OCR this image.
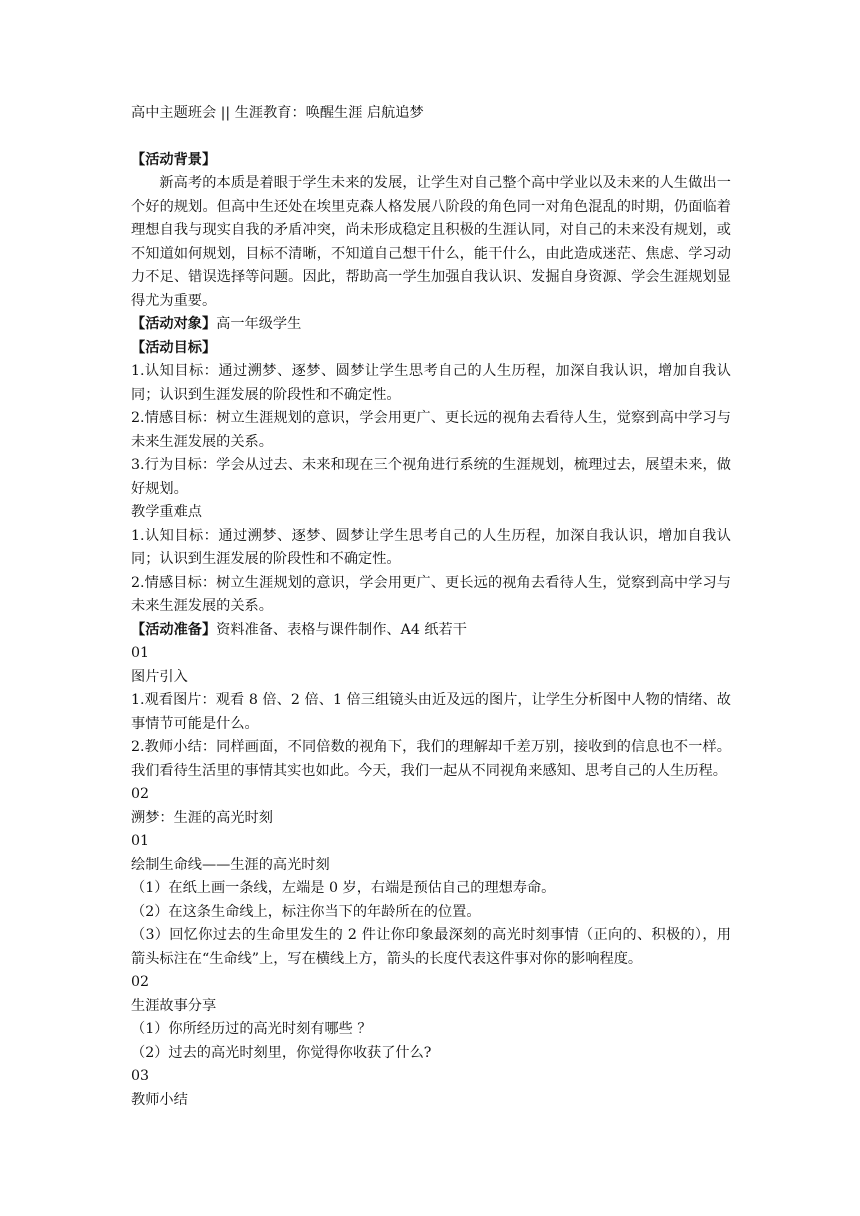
高中主题班会 || 生涯教育：唤醒生涯 启航追梦
【活动背景】

新高考的本质是着眼于学生未来的发展，让学生对自己整个高中学业以及未来的人生做出一个好的规划。但高中生还处在埃里克森人格发展八阶段的角色同一对角色混乱的时期，仍面临着理想自我与现实自我的矛盾冲突，尚未形成稳定且积极的生涯认同，对自己的未来没有规划，或不知道如何规划，目标不清晰，不知道自己想干什么，能干什么，由此造成迷茫、焦虑、学习动力不足、错误选择等问题。因此，帮助高一学生加强自我认识、发掘自身资源、学会生涯规划显得尤为重要。

【活动对象】高一年级学生
【活动目标】

1.认知目标：通过溯梦、逐梦、圆梦让学生思考自己的人生历程，加深自我认识，增加自我认同；认识到生涯发展的阶段性和不确定性。

2.情感目标：树立生涯规划的意识，学会用更广、更长远的视角去看待人生，觉察到高中学习与未来生涯发展的关系。

3.行为目标：学会从过去、未来和现在三个视角进行系统的生涯规划，梳理过去，展望未来，做好规划。

教学重难点

1.认知目标：通过溯梦、逐梦、圆梦让学生思考自己的人生历程，加深自我认识，增加自我认同；认识到生涯发展的阶段性和不确定性。

2.情感目标：树立生涯规划的意识，学会用更广、更长远的视角去看待人生，觉察到高中学习与未来生涯发展的关系。

【活动准备】资料准备、表格与课件制作、A4 纸若干
01
图片引入

1.观看图片：观看 8 倍、2 倍、1 倍三组镜头由近及远的图片，让学生分析图中人物的情绪、故事情节可能是什么。

2.教师小结：同样画面，不同倍数的视角下，我们的理解却千差万别，接收到的信息也不一样。我们看待生活里的事情其实也如此。今天，我们一起从不同视角来感知、思考自己的人生历程。

02
溯梦：生涯的高光时刻
01
绘制生命线——生涯的高光时刻

（1）在纸上画一条线，左端是 0 岁，右端是预估自己的理想寿命。

（2）在这条生命线上，标注你当下的年龄所在的位置。

（3）回忆你过去的生命里发生的 2 件让你印象最深刻的高光时刻事情（正向的、积极的），用箭头标注在“生命线”上，写在横线上方，箭头的长度代表这件事对你的影响程度。

02
生涯故事分享

（1）你所经历过的高光时刻有哪些 ？

（2）过去的高光时刻里，你觉得你收获了什么?

03
教师小结
